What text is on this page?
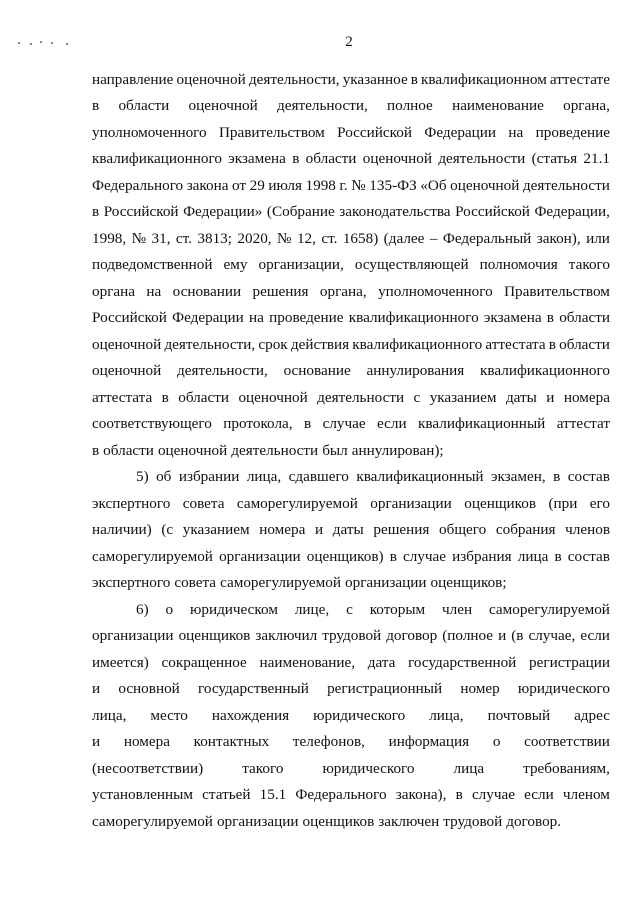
2
направление оценочной деятельности, указанное в квалификационном аттестате
в области оценочной деятельности, полное наименование органа,
уполномоченного Правительством Российской Федерации на проведение
квалификационного экзамена в области оценочной деятельности (статья 21.1
Федерального закона от 29 июля 1998 г. № 135-ФЗ «Об оценочной деятельности
в Российской Федерации» (Собрание законодательства Российской Федерации,
1998, № 31, ст. 3813; 2020, № 12, ст. 1658) (далее – Федеральный закон), или
подведомственной ему организации, осуществляющей полномочия такого
органа на основании решения органа, уполномоченного Правительством
Российской Федерации на проведение квалификационного экзамена в области
оценочной деятельности, срок действия квалификационного аттестата в области
оценочной деятельности, основание аннулирования квалификационного
аттестата в области оценочной деятельности с указанием даты и номера
соответствующего протокола, в случае если квалификационный аттестат
в области оценочной деятельности был аннулирован);
5) об избрании лица, сдавшего квалификационный экзамен, в состав
экспертного совета саморегулируемой организации оценщиков (при его
наличии) (с указанием номера и даты решения общего собрания членов
саморегулируемой организации оценщиков) в случае избрания лица в состав
экспертного совета саморегулируемой организации оценщиков;
6) о юридическом лице, с которым член саморегулируемой
организации оценщиков заключил трудовой договор (полное и (в случае, если
имеется) сокращенное наименование, дата государственной регистрации
и основной государственный регистрационный номер юридического
лица, место нахождения юридического лица, почтовый адрес
и номера контактных телефонов, информация о соответствии
(несоответствии)	такого	юридического	лица	требованиям,
установленным статьей 15.1 Федерального закона), в случае если членом
саморегулируемой организации оценщиков заключен трудовой договор.
